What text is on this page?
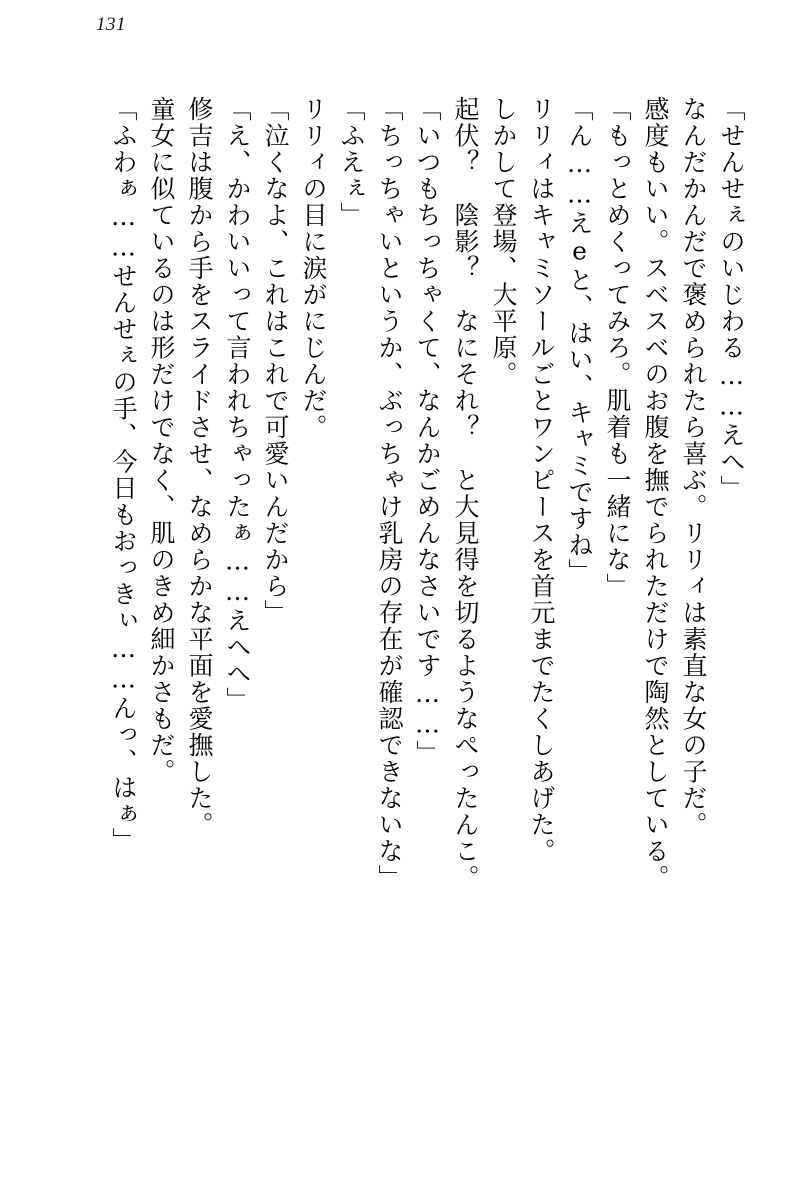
131
「せんせぇのいじわる……えへ」
なんだかんだで褒められたら喜ぶ。リリィは素直な女の子だ。
感度もいい。スベスベのお腹を撫でられただけで陶然としている。
「もっとめくってみろ。肌着も一緒にな」
「ん……えеと、はい、キャミですね」
リリィはキャミソールごとワンピースを首元までたくしあげた。
しかして登場、大平原。
起伏？　陰影？　なにそれ？　と大見得を切るようなぺったんこ。
「いつもちっちゃくて、なんかごめんなさいです……」
「ちっちゃいというか、ぶっちゃけ乳房の存在が確認できないな」
「ふえぇ」
リリィの目に涙がにじんだ。
「泣くなよ、これはこれで可愛いんだから」
「え、かわいいって言われちゃったぁ……えへへ」
修吉は腹から手をスライドさせ、なめらかな平面を愛撫した。
童女に似ているのは形だけでなく、肌のきめ細かさもだ。
「ふわぁ……せんせぇの手、今日もおっきぃ……んっ、はぁ」
